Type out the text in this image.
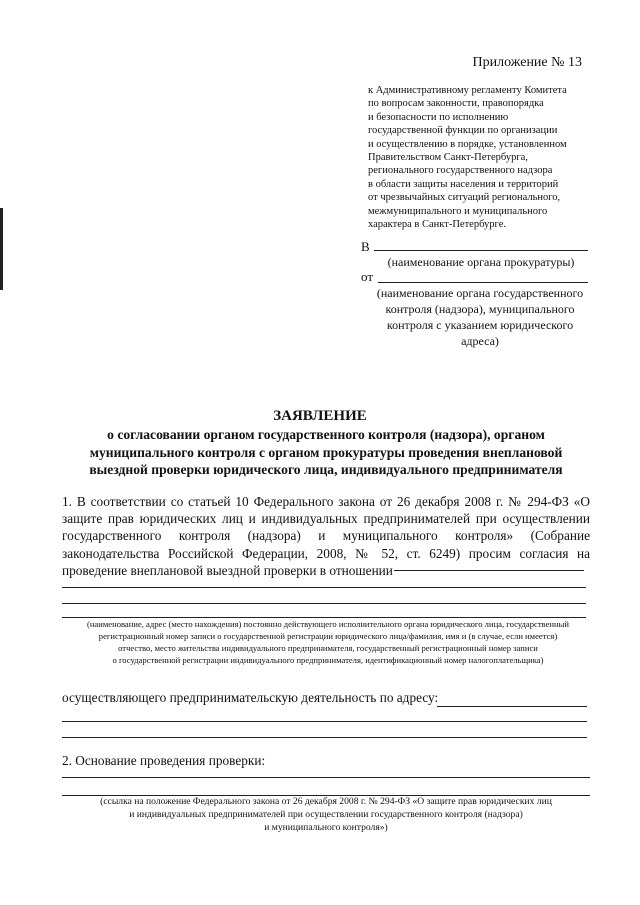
Приложение № 13
к Административному регламенту Комитета
по вопросам законности, правопорядка
и безопасности по исполнению
государственной функции по организации
и осуществлению в порядке, установленном
Правительством Санкт-Петербурга,
регионального государственного надзора
в области защиты населения и территорий
от чрезвычайных ситуаций регионального,
межмуниципального и муниципального
характера в Санкт-Петербурге.
В
(наименование органа прокуратуры)
от
(наименование органа государственного
контроля (надзора), муниципального
контроля с указанием юридического
адреса)
ЗАЯВЛЕНИЕ
о согласовании органом государственного контроля (надзора), органом
муниципального контроля с органом прокуратуры проведения внеплановой
выездной проверки юридического лица, индивидуального предпринимателя
1. В соответствии со статьей 10 Федерального закона от 26 декабря 2008 г. № 294-ФЗ «О защите прав юридических лиц и индивидуальных предпринимателей при осуществлении государственного контроля (надзора) и муниципального контроля» (Собрание законодательства Российской Федерации, 2008, № 52, ст. 6249) просим согласия на проведение внеплановой выездной проверки в отношении
(наименование, адрес (место нахождения) постоянно действующего исполнительного органа юридического лица, государственный
регистрационный номер записи о государственной регистрации юридического лица/фамилия, имя и (в случае, если имеется)
отчество, место жительства индивидуального предпринимателя, государственный регистрационный номер записи
о государственной регистрации индивидуального предпринимателя, идентификационный номер налогоплательщика)
осуществляющего предпринимательскую деятельность по адресу:
2. Основание проведения проверки:
(ссылка на положение Федерального закона от 26 декабря 2008 г. № 294-ФЗ «О защите прав юридических лиц
и индивидуальных предпринимателей при осуществлении государственного контроля (надзора)
и муниципального контроля»)
